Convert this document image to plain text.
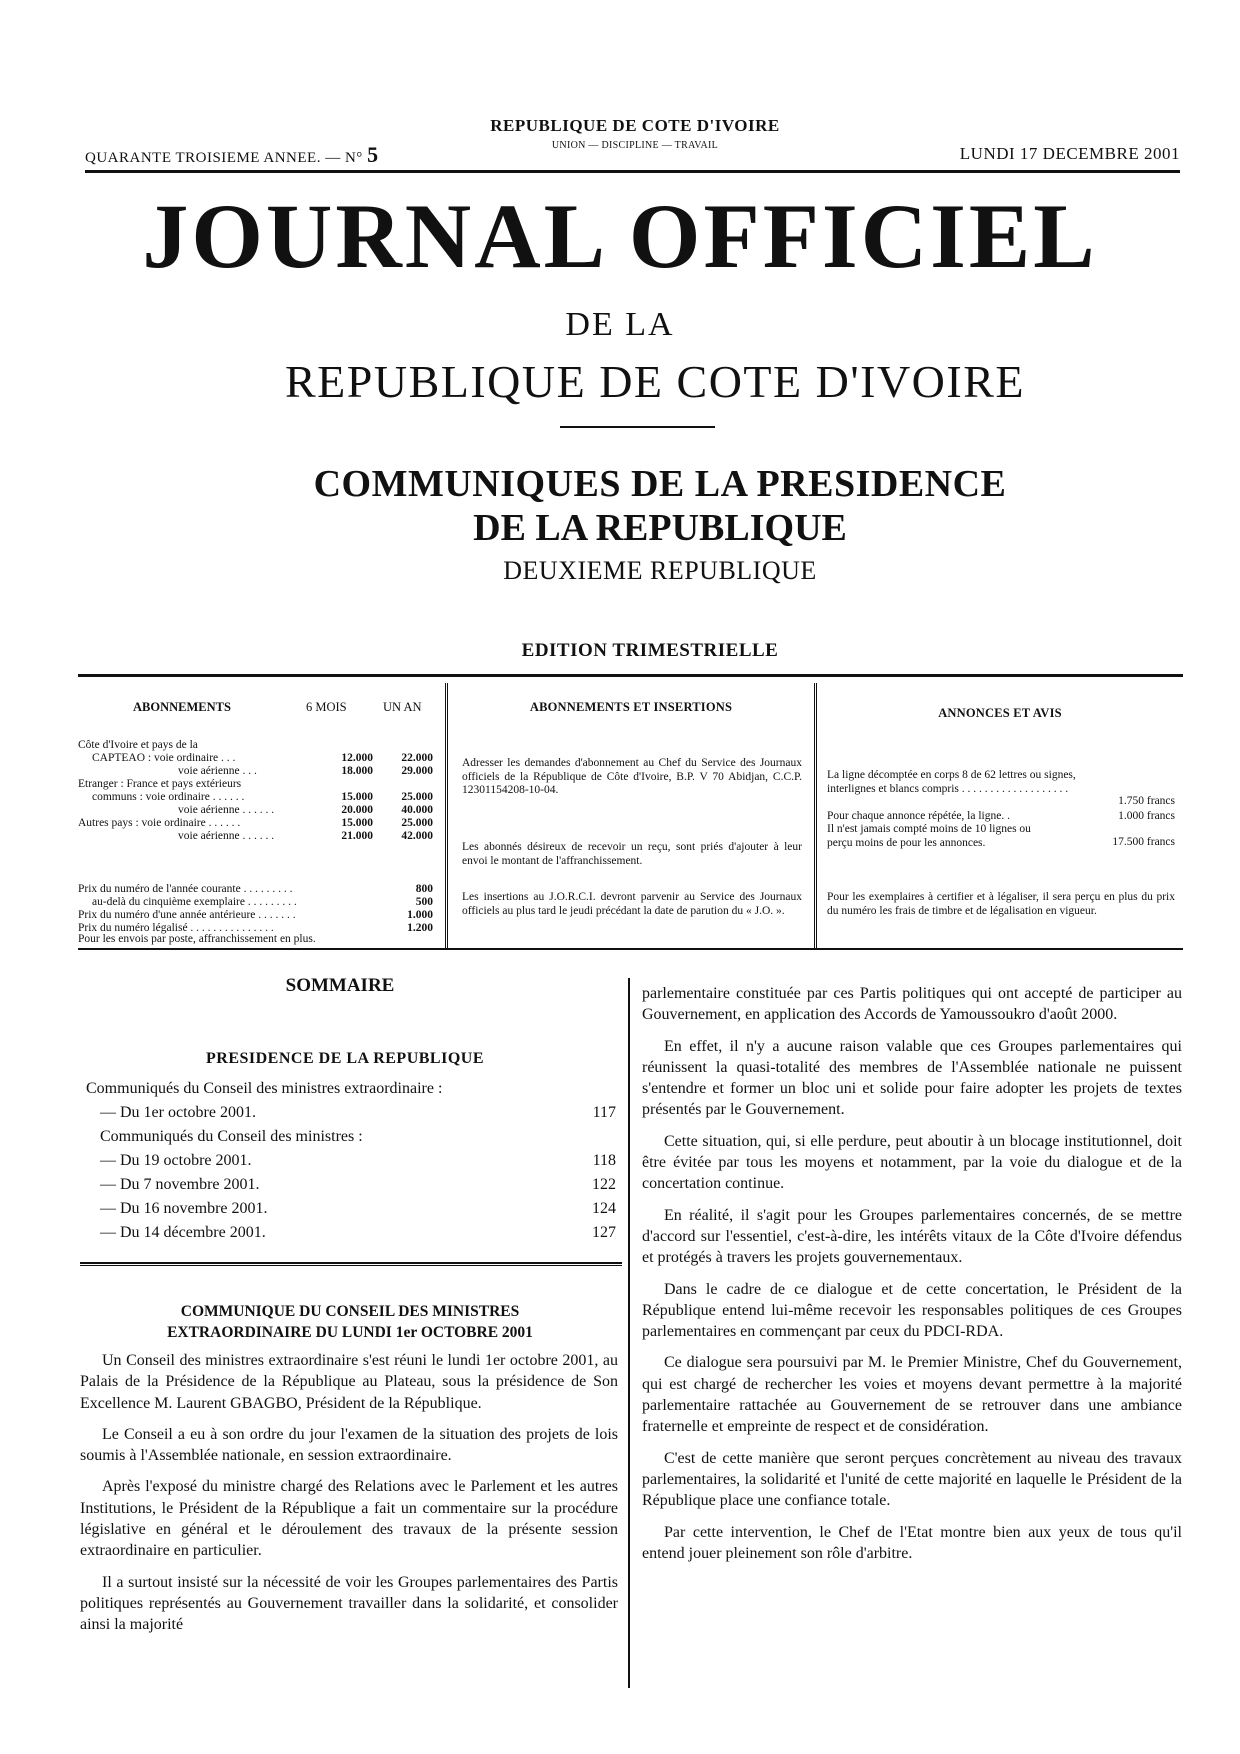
QUARANTE TROISIEME ANNEE. — N° 5
REPUBLIQUE DE COTE D'IVOIRE
UNION — DISCIPLINE — TRAVAIL	LUNDI 17 DECEMBRE 2001
JOURNAL OFFICIEL
DE LA
REPUBLIQUE DE COTE D'IVOIRE
COMMUNIQUES DE LA PRESIDENCE
DE LA REPUBLIQUE
DEUXIEME REPUBLIQUE
EDITION TRIMESTRIELLE
ABONNEMENTS	6 MOIS	UN AN
Côte d'Ivoire et pays de la
CAPTEAO : voie ordinaire . . .	12.000 22.000
voie aérienne . . .	18.000 29.000
Etranger : France et pays extérieurs
communs : voie ordinaire . . . . . .	15.000 25.000
voie aérienne . . . . . .	20.000 40.000
Autres pays : voie ordinaire . . . . . .	15.000 25.000
voie aérienne . . . . . .	21.000 42.000
Prix du numéro de l'année courante . . . . . . . . .	800
au-delà du cinquième exemplaire . . . . . . . . .	500
Prix du numéro d'une année antérieure . . . . . . .	1.000
Prix du numéro légalisé . . . . . . . . . . . . . . .	1.200
Pour les envois par poste, affranchissement en plus.
ABONNEMENTS ET INSERTIONS
Adresser les demandes d'abonnement au Chef du Service des Journaux officiels de la République de Côte d'Ivoire, B.P. V 70 Abidjan, C.C.P. 12301154208-10-04.
Les abonnés désireux de recevoir un reçu, sont priés d'ajouter à leur envoi le montant de l'affranchissement.
Les insertions au J.O.R.C.I. devront parvenir au Service des Journaux officiels au plus tard le jeudi précédant la date de parution du « J.O. ».
ANNONCES ET AVIS
La ligne décomptée en corps 8 de 62 lettres ou signes, interlignes et blancs compris . . . . . . . . . . . . . . . . . . .
1.750 francs
Pour chaque annonce répétée, la ligne. .	1.000 francs
Il n'est jamais compté moins de 10 lignes ou perçu moins de pour les annonces.	17.500 francs
Pour les exemplaires à certifier et à légaliser, il sera perçu en plus du prix du numéro les frais de timbre et de légalisation en vigueur.
SOMMAIRE
PRESIDENCE DE LA REPUBLIQUE
Communiqués du Conseil des ministres extraordinaire :
— Du 1er octobre 2001.	117
Communiqués du Conseil des ministres :
— Du 19 octobre 2001.	118
— Du 7 novembre 2001.	122
— Du 16 novembre 2001.	124
— Du 14 décembre 2001.	127
COMMUNIQUE DU CONSEIL DES MINISTRES
EXTRAORDINAIRE DU LUNDI 1er OCTOBRE 2001

Un Conseil des ministres extraordinaire s'est réuni le lundi 1er octobre 2001, au Palais de la Présidence de la République au Plateau, sous la présidence de Son Excellence M. Laurent GBAGBO, Président de la République.

Le Conseil a eu à son ordre du jour l'examen de la situation des projets de lois soumis à l'Assemblée nationale, en session extraordinaire.

Après l'exposé du ministre chargé des Relations avec le Parlement et les autres Institutions, le Président de la République a fait un commentaire sur la procédure législative en général et le déroulement des travaux de la présente session extraordinaire en particulier.

Il a surtout insisté sur la nécessité de voir les Groupes parlementaires des Partis politiques représentés au Gouvernement travailler dans la solidarité, et consolider ainsi la majorité

parlementaire constituée par ces Partis politiques qui ont accepté de participer au Gouvernement, en application des Accords de Yamoussoukro d'août 2000.

En effet, il n'y a aucune raison valable que ces Groupes parlementaires qui réunissent la quasi-totalité des membres de l'Assemblée nationale ne puissent s'entendre et former un bloc uni et solide pour faire adopter les projets de textes présentés par le Gouvernement.

Cette situation, qui, si elle perdure, peut aboutir à un blocage institutionnel, doit être évitée par tous les moyens et notamment, par la voie du dialogue et de la concertation continue.

En réalité, il s'agit pour les Groupes parlementaires concernés, de se mettre d'accord sur l'essentiel, c'est-à-dire, les intérêts vitaux de la Côte d'Ivoire défendus et protégés à travers les projets gouvernementaux.

Dans le cadre de ce dialogue et de cette concertation, le Président de la République entend lui-même recevoir les responsables politiques de ces Groupes parlementaires en commençant par ceux du PDCI-RDA.

Ce dialogue sera poursuivi par M. le Premier Ministre, Chef du Gouvernement, qui est chargé de rechercher les voies et moyens devant permettre à la majorité parlementaire rattachée au Gouvernement de se retrouver dans une ambiance fraternelle et empreinte de respect et de considération.

C'est de cette manière que seront perçues concrètement au niveau des travaux parlementaires, la solidarité et l'unité de cette majorité en laquelle le Président de la République place une confiance totale.

Par cette intervention, le Chef de l'Etat montre bien aux yeux de tous qu'il entend jouer pleinement son rôle d'arbitre.
